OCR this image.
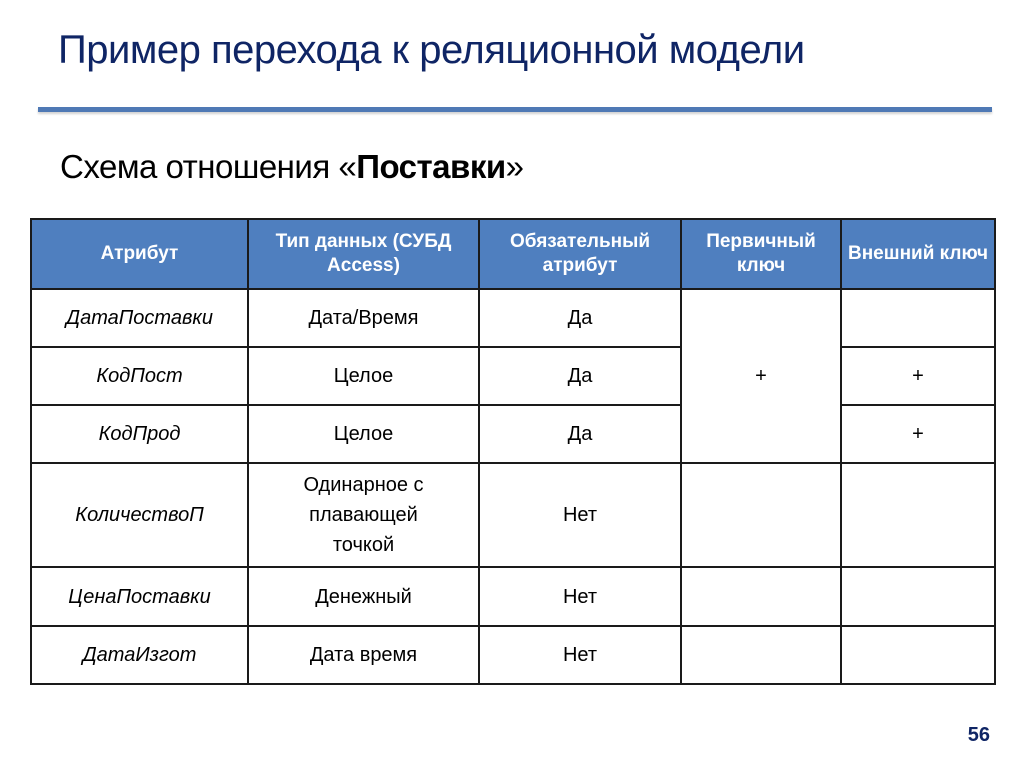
Пример перехода к реляционной модели
Схема отношения «Поставки»
Атрибут	Тип данных (СУБД Access)	Обязательный атрибут	Первичный ключ	Внешний ключ
ДатаПоставки	Дата/Время	Да	+	
КодПост	Целое	Да		+
КодПрод	Целое	Да		+
КоличествоП	Одинарное с плавающей точкой	Нет		
ЦенаПоставки	Денежный	Нет		
ДатаИзгот	Дата время	Нет		
56
